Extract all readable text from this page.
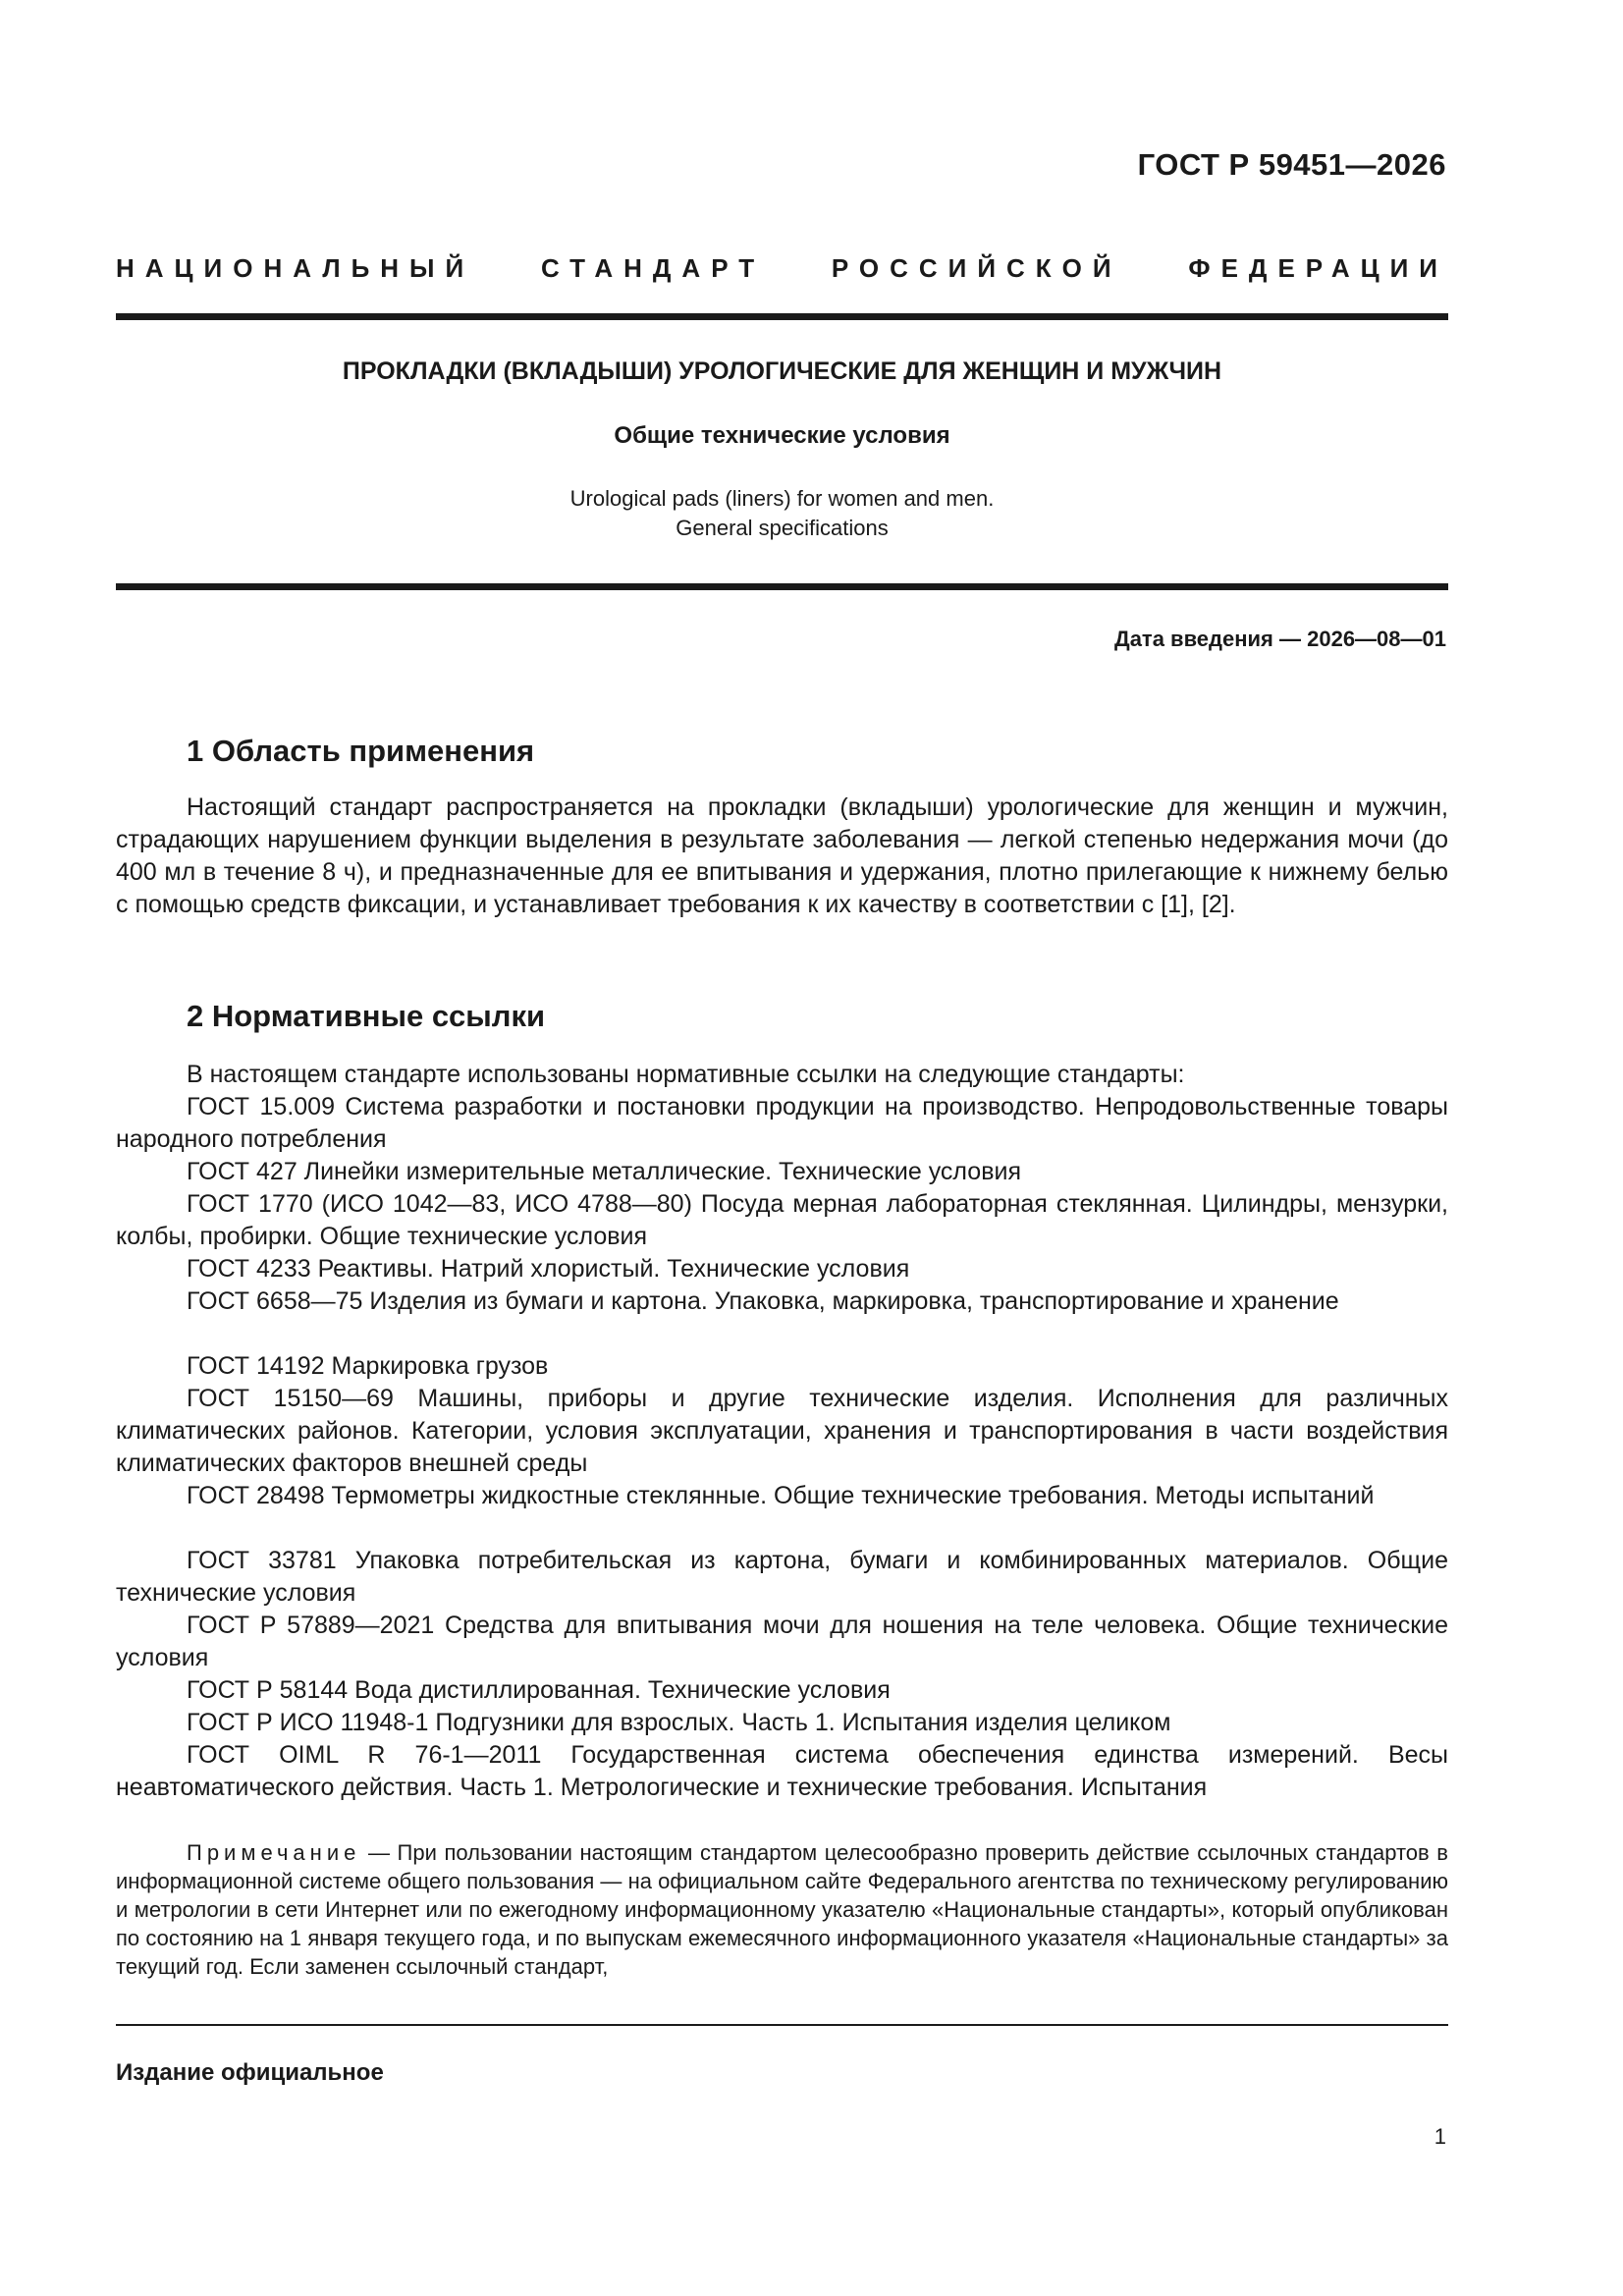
ГОСТ Р 59451—2026
НАЦИОНАЛЬНЫЙ СТАНДАРТ РОССИЙСКОЙ ФЕДЕРАЦИИ
ПРОКЛАДКИ (ВКЛАДЫШИ) УРОЛОГИЧЕСКИЕ ДЛЯ ЖЕНЩИН И МУЖЧИН
Общие технические условия
Urological pads (liners) for women and men.
General specifications
Дата введения — 2026—08—01
1 Область применения
Настоящий стандарт распространяется на прокладки (вкладыши) урологические для женщин и мужчин, страдающих нарушением функции выделения в результате заболевания — легкой степенью недержания мочи (до 400 мл в течение 8 ч), и предназначенные для ее впитывания и удержания, плотно прилегающие к нижнему белью с помощью средств фиксации, и устанавливает требования к их качеству в соответствии с [1], [2].
2 Нормативные ссылки
В настоящем стандарте использованы нормативные ссылки на следующие стандарты:
ГОСТ 15.009 Система разработки и постановки продукции на производство. Непродовольственные товары народного потребления
ГОСТ 427 Линейки измерительные металлические. Технические условия
ГОСТ 1770 (ИСО 1042—83, ИСО 4788—80) Посуда мерная лабораторная стеклянная. Цилиндры, мензурки, колбы, пробирки. Общие технические условия
ГОСТ 4233 Реактивы. Натрий хлористый. Технические условия
ГОСТ 6658—75 Изделия из бумаги и картона. Упаковка, маркировка, транспортирование и хранение
ГОСТ 14192 Маркировка грузов
ГОСТ 15150—69 Машины, приборы и другие технические изделия. Исполнения для различных климатических районов. Категории, условия эксплуатации, хранения и транспортирования в части воздействия климатических факторов внешней среды
ГОСТ 28498 Термометры жидкостные стеклянные. Общие технические требования. Методы испытаний
ГОСТ 33781 Упаковка потребительская из картона, бумаги и комбинированных материалов. Общие технические условия
ГОСТ Р 57889—2021 Средства для впитывания мочи для ношения на теле человека. Общие технические условия
ГОСТ Р 58144 Вода дистиллированная. Технические условия
ГОСТ Р ИСО 11948-1 Подгузники для взрослых. Часть 1. Испытания изделия целиком
ГОСТ OIML R 76-1—2011 Государственная система обеспечения единства измерений. Весы неавтоматического действия. Часть 1. Метрологические и технические требования. Испытания
Примечание — При пользовании настоящим стандартом целесообразно проверить действие ссылочных стандартов в информационной системе общего пользования — на официальном сайте Федерального агентства по техническому регулированию и метрологии в сети Интернет или по ежегодному информационному указателю «Национальные стандарты», который опубликован по состоянию на 1 января текущего года, и по выпускам ежемесячного информационного указателя «Национальные стандарты» за текущий год. Если заменен ссылочный стандарт,
Издание официальное
1
